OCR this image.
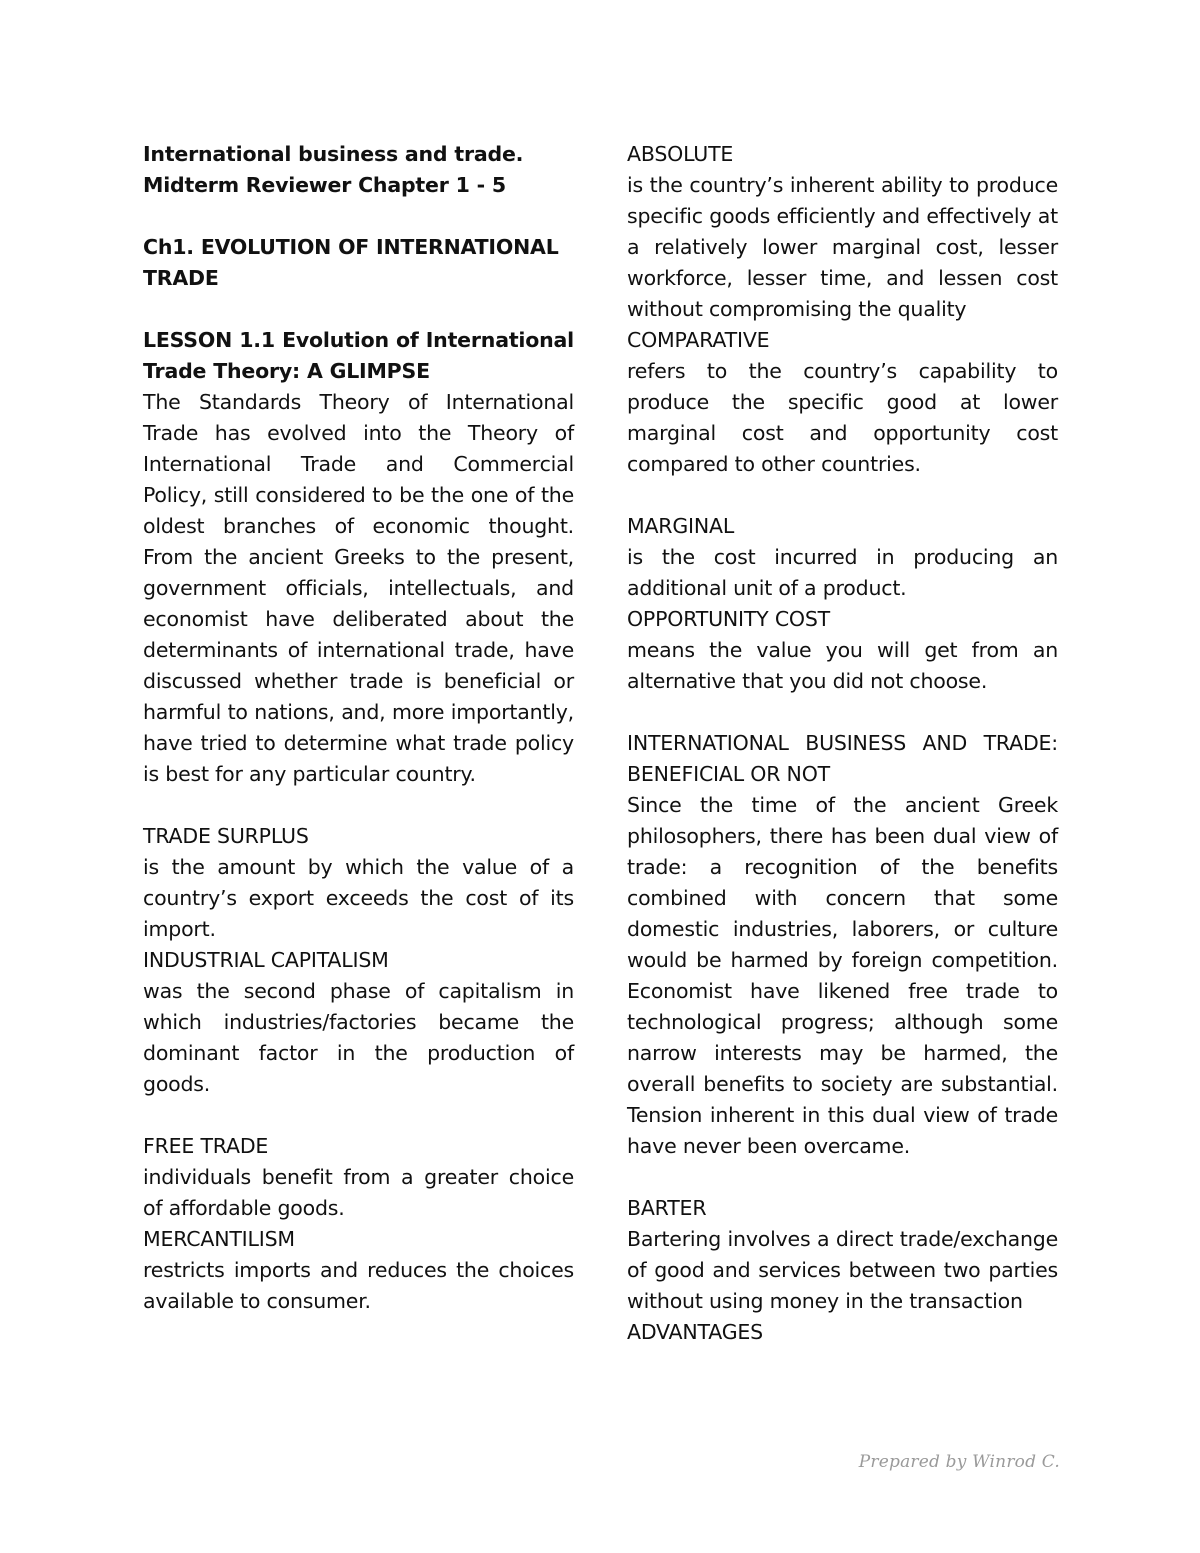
International business and trade.

Midterm Reviewer Chapter 1 - 5

Ch1. EVOLUTION OF INTERNATIONAL TRADE

LESSON 1.1 Evolution of International Trade Theory: A GLIMPSE

The Standards Theory of International Trade has evolved into the Theory of International Trade and Commercial Policy, still considered to be the one of the oldest branches of economic thought. From the ancient Greeks to the present, government officials, intellectuals, and economist have deliberated about the determinants of international trade, have discussed whether trade is beneficial or harmful to nations, and, more importantly, have tried to determine what trade policy is best for any particular country.

TRADE SURPLUS

is the amount by which the value of a country’s export exceeds the cost of its import.

INDUSTRIAL CAPITALISM

was the second phase of capitalism in which industries/factories became the dominant factor in the production of goods.

FREE TRADE

individuals benefit from a greater choice of affordable goods.

MERCANTILISM

restricts imports and reduces the choices available to consumer.

ABSOLUTE

is the country’s inherent ability to produce specific goods efficiently and effectively at a relatively lower marginal cost, lesser workforce, lesser time, and lessen cost without compromising the quality

COMPARATIVE

refers to the country’s capability to produce the specific good at lower marginal cost and opportunity cost compared to other countries.

MARGINAL

is the cost incurred in producing an additional unit of a product.

OPPORTUNITY COST

means the value you will get from an alternative that you did not choose.

INTERNATIONAL BUSINESS AND TRADE: BENEFICIAL OR NOT

Since the time of the ancient Greek philosophers, there has been dual view of trade: a recognition of the benefits combined with concern that some domestic industries, laborers, or culture would be harmed by foreign competition. Economist have likened free trade to technological progress; although some narrow interests may be harmed, the overall benefits to society are substantial. Tension inherent in this dual view of trade have never been overcame.

BARTER

Bartering involves a direct trade/exchange of good and services between two parties without using money in the transaction

ADVANTAGES

Prepared by Winrod C.
